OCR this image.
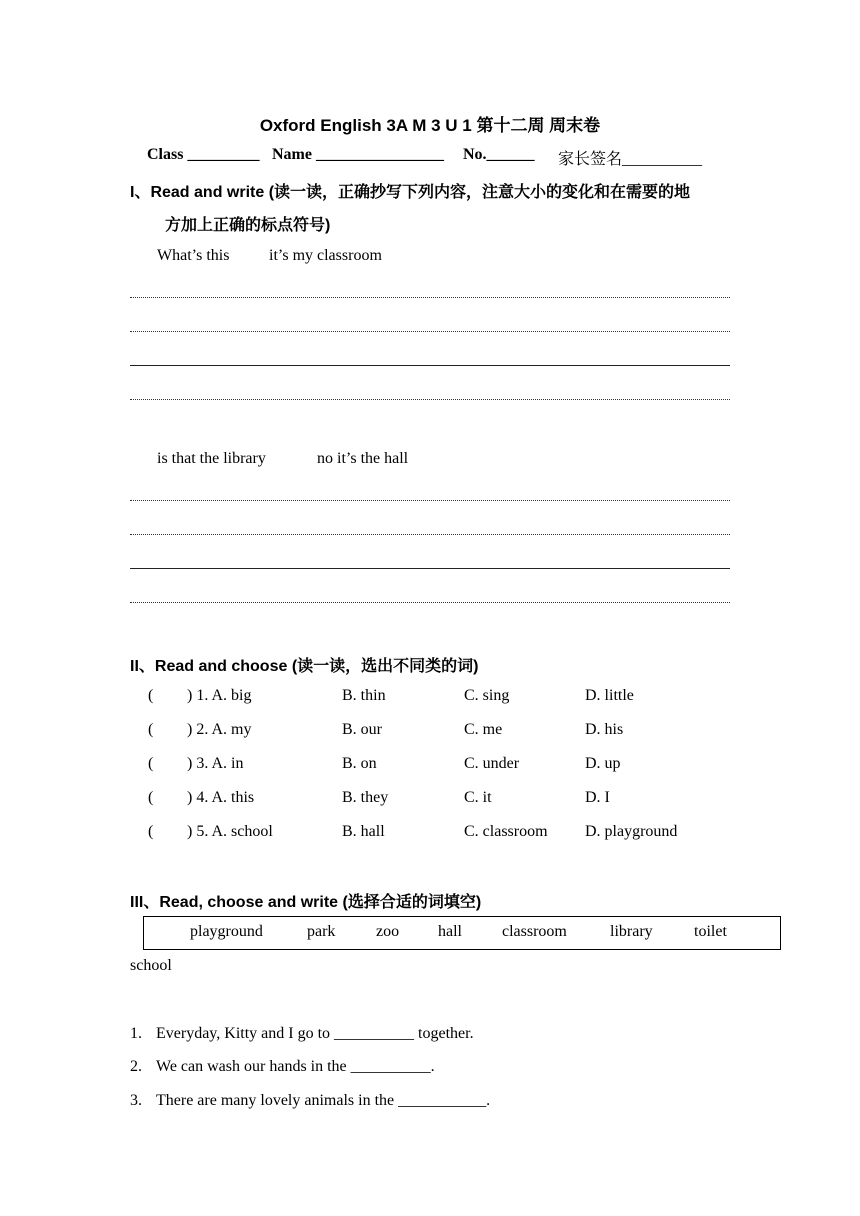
Oxford English 3A M 3 U 1 第十二周 周末卷
Class _________ Name ________________ No.______ 家长签名__________
I、Read and write (读一读，正确抄写下列内容，注意大小的变化和在需要的地
方加上正确的标点符号)
What’s this it’s my classroom
is that the library	no it’s the hall
II、Read and choose (读一读，选出不同类的词)
( ) 1. A. big	B. thin	C. sing	D. little
( ) 2. A. my	B. our	C. me	D. his
( ) 3. A. in	B. on	C. under	D. up
( ) 4. A. this	B. they	C. it	D. I
( ) 5. A. school	B. hall	C. classroom D. playground
III、Read, choose and write (选择合适的词填空)
playground	park	zoo hall	classroom	library	toilet
school
1. Everyday, Kitty and I go to __________ together.
2. We can wash our hands in the __________.
3. There are many lovely animals in the ___________.
